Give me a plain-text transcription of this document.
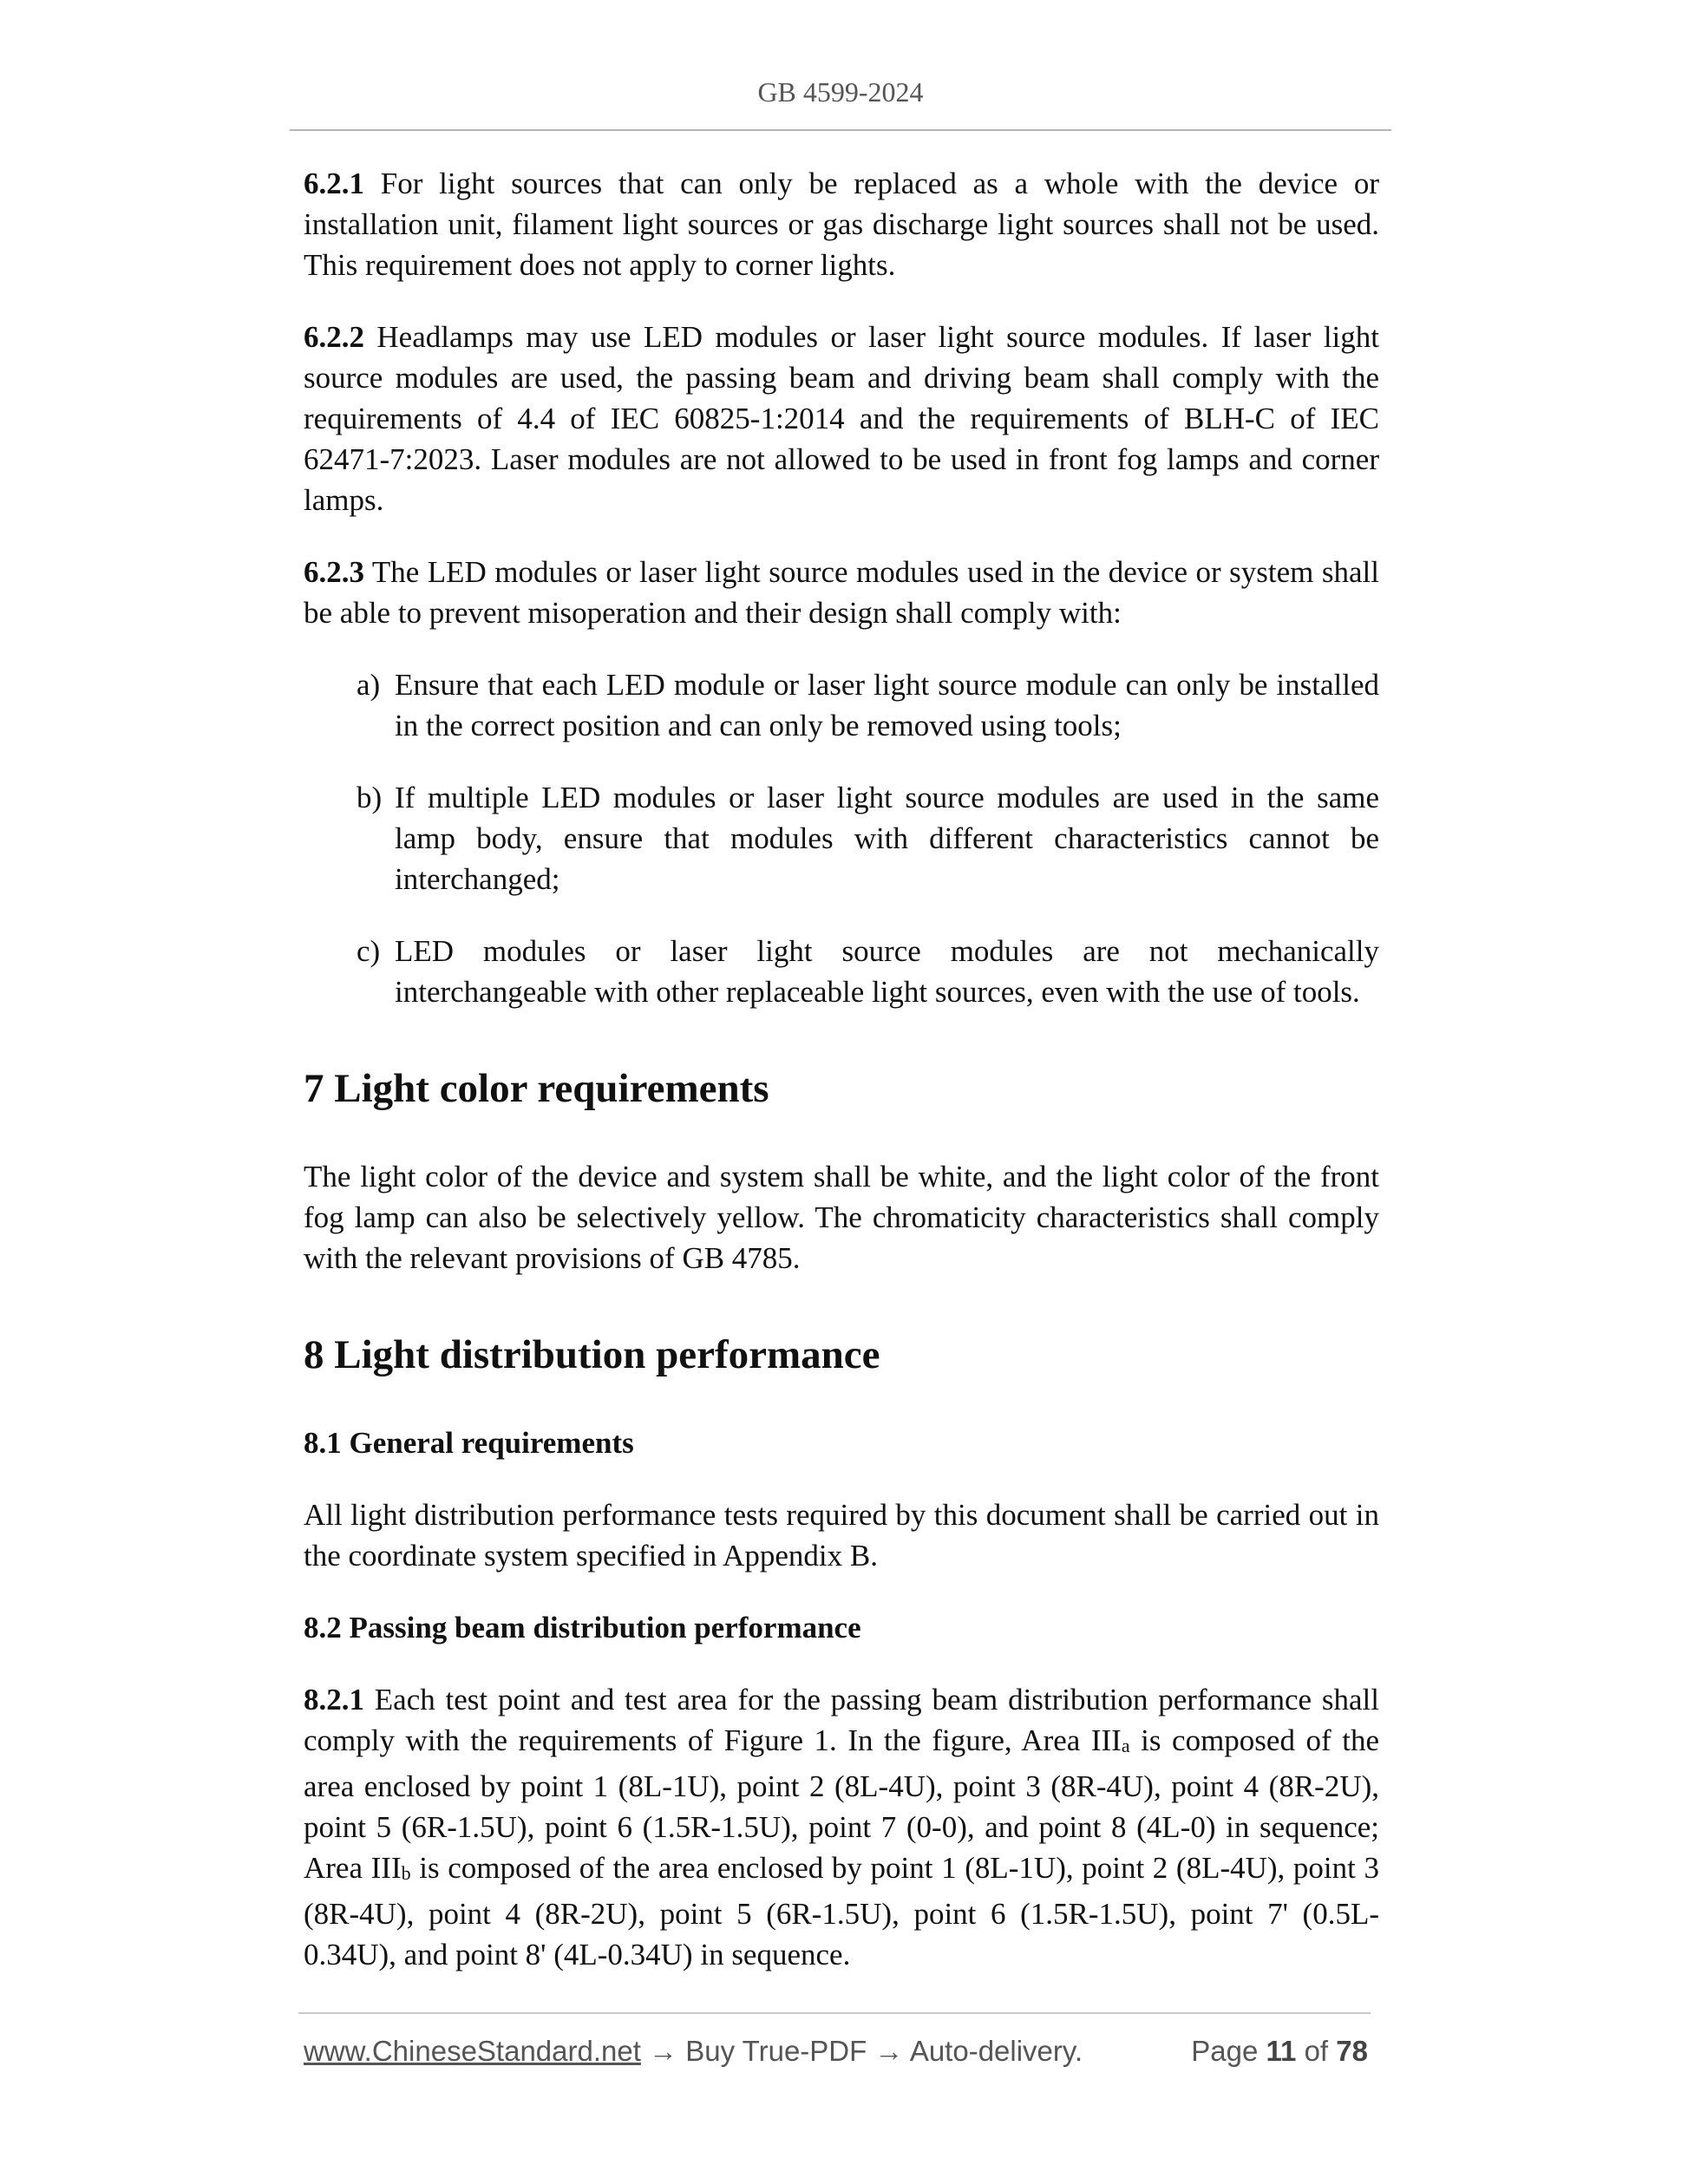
GB 4599-2024

6.2.1 For light sources that can only be replaced as a whole with the device or installation unit, filament light sources or gas discharge light sources shall not be used. This requirement does not apply to corner lights.

6.2.2 Headlamps may use LED modules or laser light source modules. If laser light source modules are used, the passing beam and driving beam shall comply with the requirements of 4.4 of IEC 60825-1:2014 and the requirements of BLH-C of IEC 62471-7:2023. Laser modules are not allowed to be used in front fog lamps and corner lamps.

6.2.3 The LED modules or laser light source modules used in the device or system shall be able to prevent misoperation and their design shall comply with:

a) Ensure that each LED module or laser light source module can only be installed in the correct position and can only be removed using tools;
b) If multiple LED modules or laser light source modules are used in the same lamp body, ensure that modules with different characteristics cannot be interchanged;
c) LED modules or laser light source modules are not mechanically interchangeable with other replaceable light sources, even with the use of tools.
7 Light color requirements

The light color of the device and system shall be white, and the light color of the front fog lamp can also be selectively yellow. The chromaticity characteristics shall comply with the relevant provisions of GB 4785.

8 Light distribution performance
8.1 General requirements

All light distribution performance tests required by this document shall be carried out in the coordinate system specified in Appendix B.

8.2 Passing beam distribution performance

8.2.1 Each test point and test area for the passing beam distribution performance shall comply with the requirements of Figure 1. In the figure, Area $III_a$ is composed of the area enclosed by point 1 (8L-1U), point 2 (8L-4U), point 3 (8R-4U), point 4 (8R-2U), point 5 (6R-1.5U), point 6 (1.5R-1.5U), point 7 (0-0), and point 8 (4L-0) in sequence; Area $III_b$ is composed of the area enclosed by point 1 (8L-1U), point 2 (8L-4U), point 3 (8R-4U), point 4 (8R-2U), point 5 (6R-1.5U), point 6 (1.5R-1.5U), point 7' (0.5L-0.34U), and point 8' (4L-0.34U) in sequence.

www.ChineseStandard.net → Buy True-PDF → Auto-delivery.	Page 11 of 78
